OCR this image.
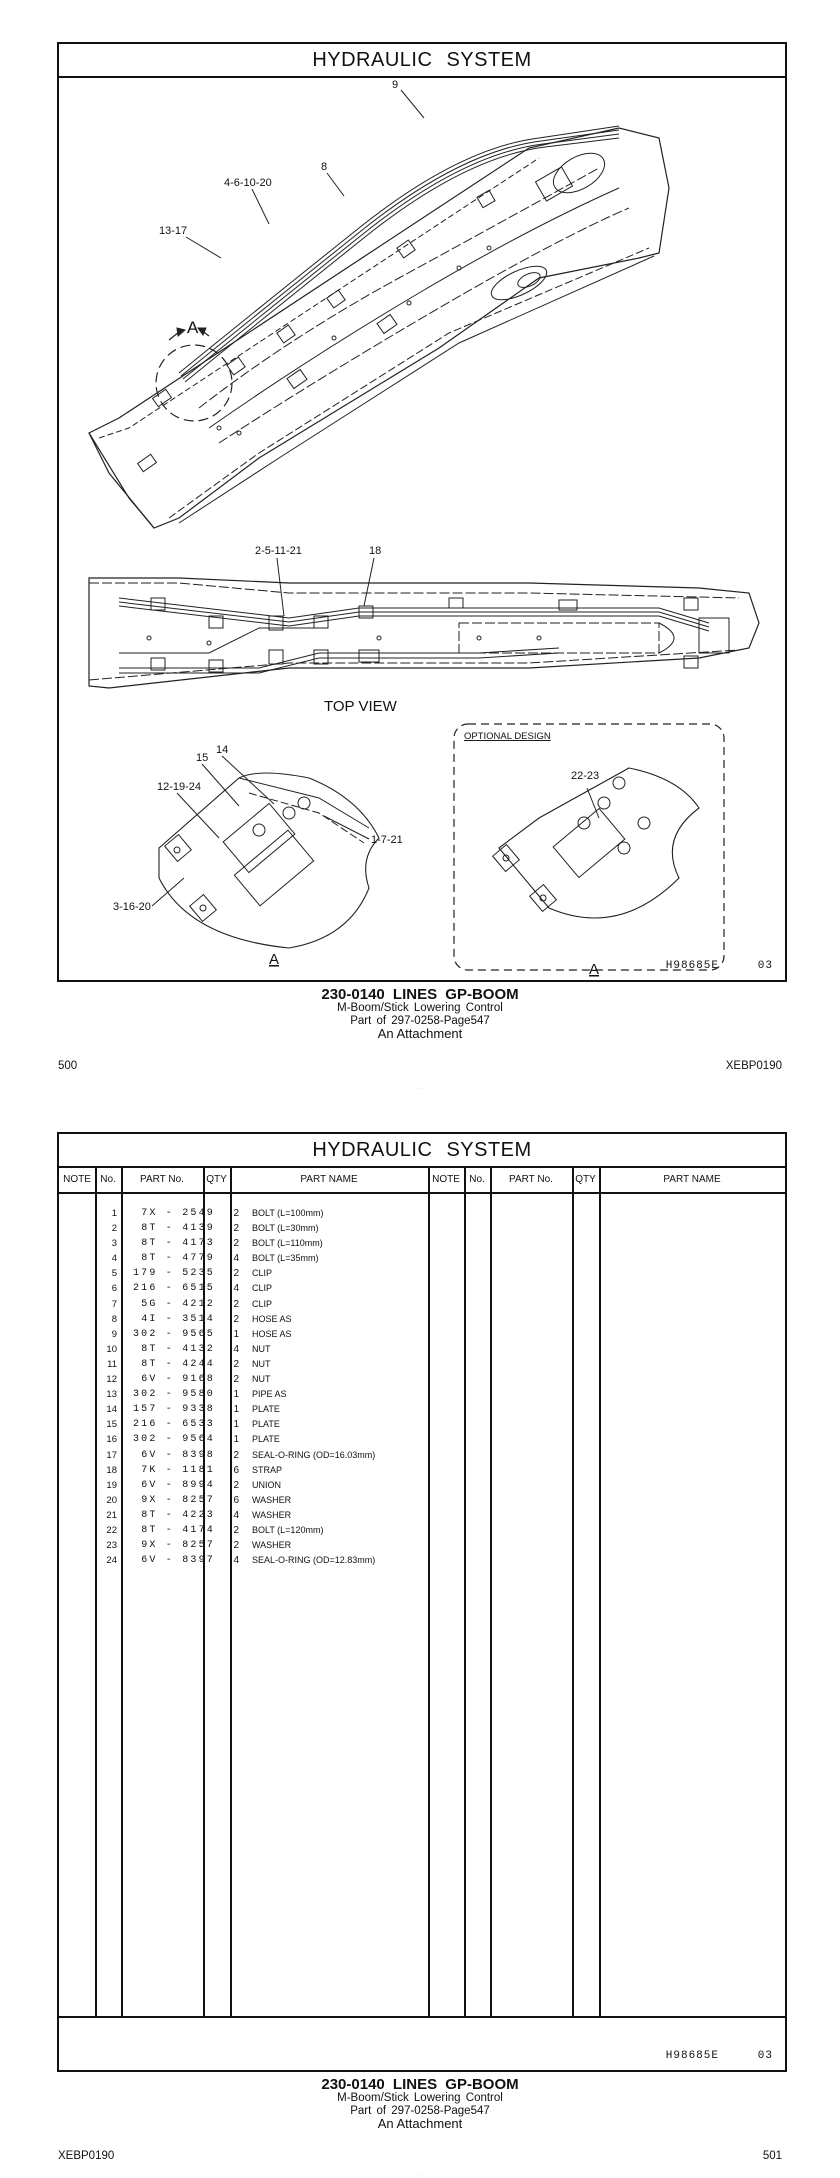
HYDRAULIC SYSTEM
9
8
4-6-10-20
13-17
A
2-5-11-21	18
TOP VIEW
14
15
12-19-24
1-7-21
3-16-20
A
OPTIONAL DESIGN
22-23
A	H98685E	03
230-0140 LINES GP-BOOM
M-Boom/Stick Lowering Control
Part of 297-0258-Page547
An Attachment
500	XEBP0190
· · ·
HYDRAULIC SYSTEM
NOTE No.	PART No.	QTY	PART NAME	NOTE No.	PART No.	QTY	PART NAME
1	7X - 2549	2 BOLT (L=100mm)
2	8T - 4139	2 BOLT (L=30mm)
3	8T - 4173	2 BOLT (L=110mm)
4	8T - 4779	4 BOLT (L=35mm)
5	179 - 5235	2 CLIP
6	216 - 6515	4 CLIP
7	5G - 4212	2 CLIP
8	4I - 3514	2 HOSE AS
9	302 - 9565	1 HOSE AS
10	8T - 4132	4 NUT
11	8T - 4244	2 NUT
12	6V - 9168	2 NUT
13	302 - 9580	1 PIPE AS
14	157 - 9338	1 PLATE
15	216 - 6533	1 PLATE
16	302 - 9564	1 PLATE
17	6V - 8398	2 SEAL-O-RING (OD=16.03mm)
18	7K - 1181	6 STRAP
19	6V - 8994	2 UNION
20	9X - 8257	6 WASHER
21	8T - 4223	4 WASHER
22	8T - 4174	2 BOLT (L=120mm)
23	9X - 8257	2 WASHER
24	6V - 8397	4 SEAL-O-RING (OD=12.83mm)
H98685E	03
230-0140 LINES GP-BOOM
M-Boom/Stick Lowering Control
Part of 297-0258-Page547
An Attachment
XEBP0190	501
· · ·
